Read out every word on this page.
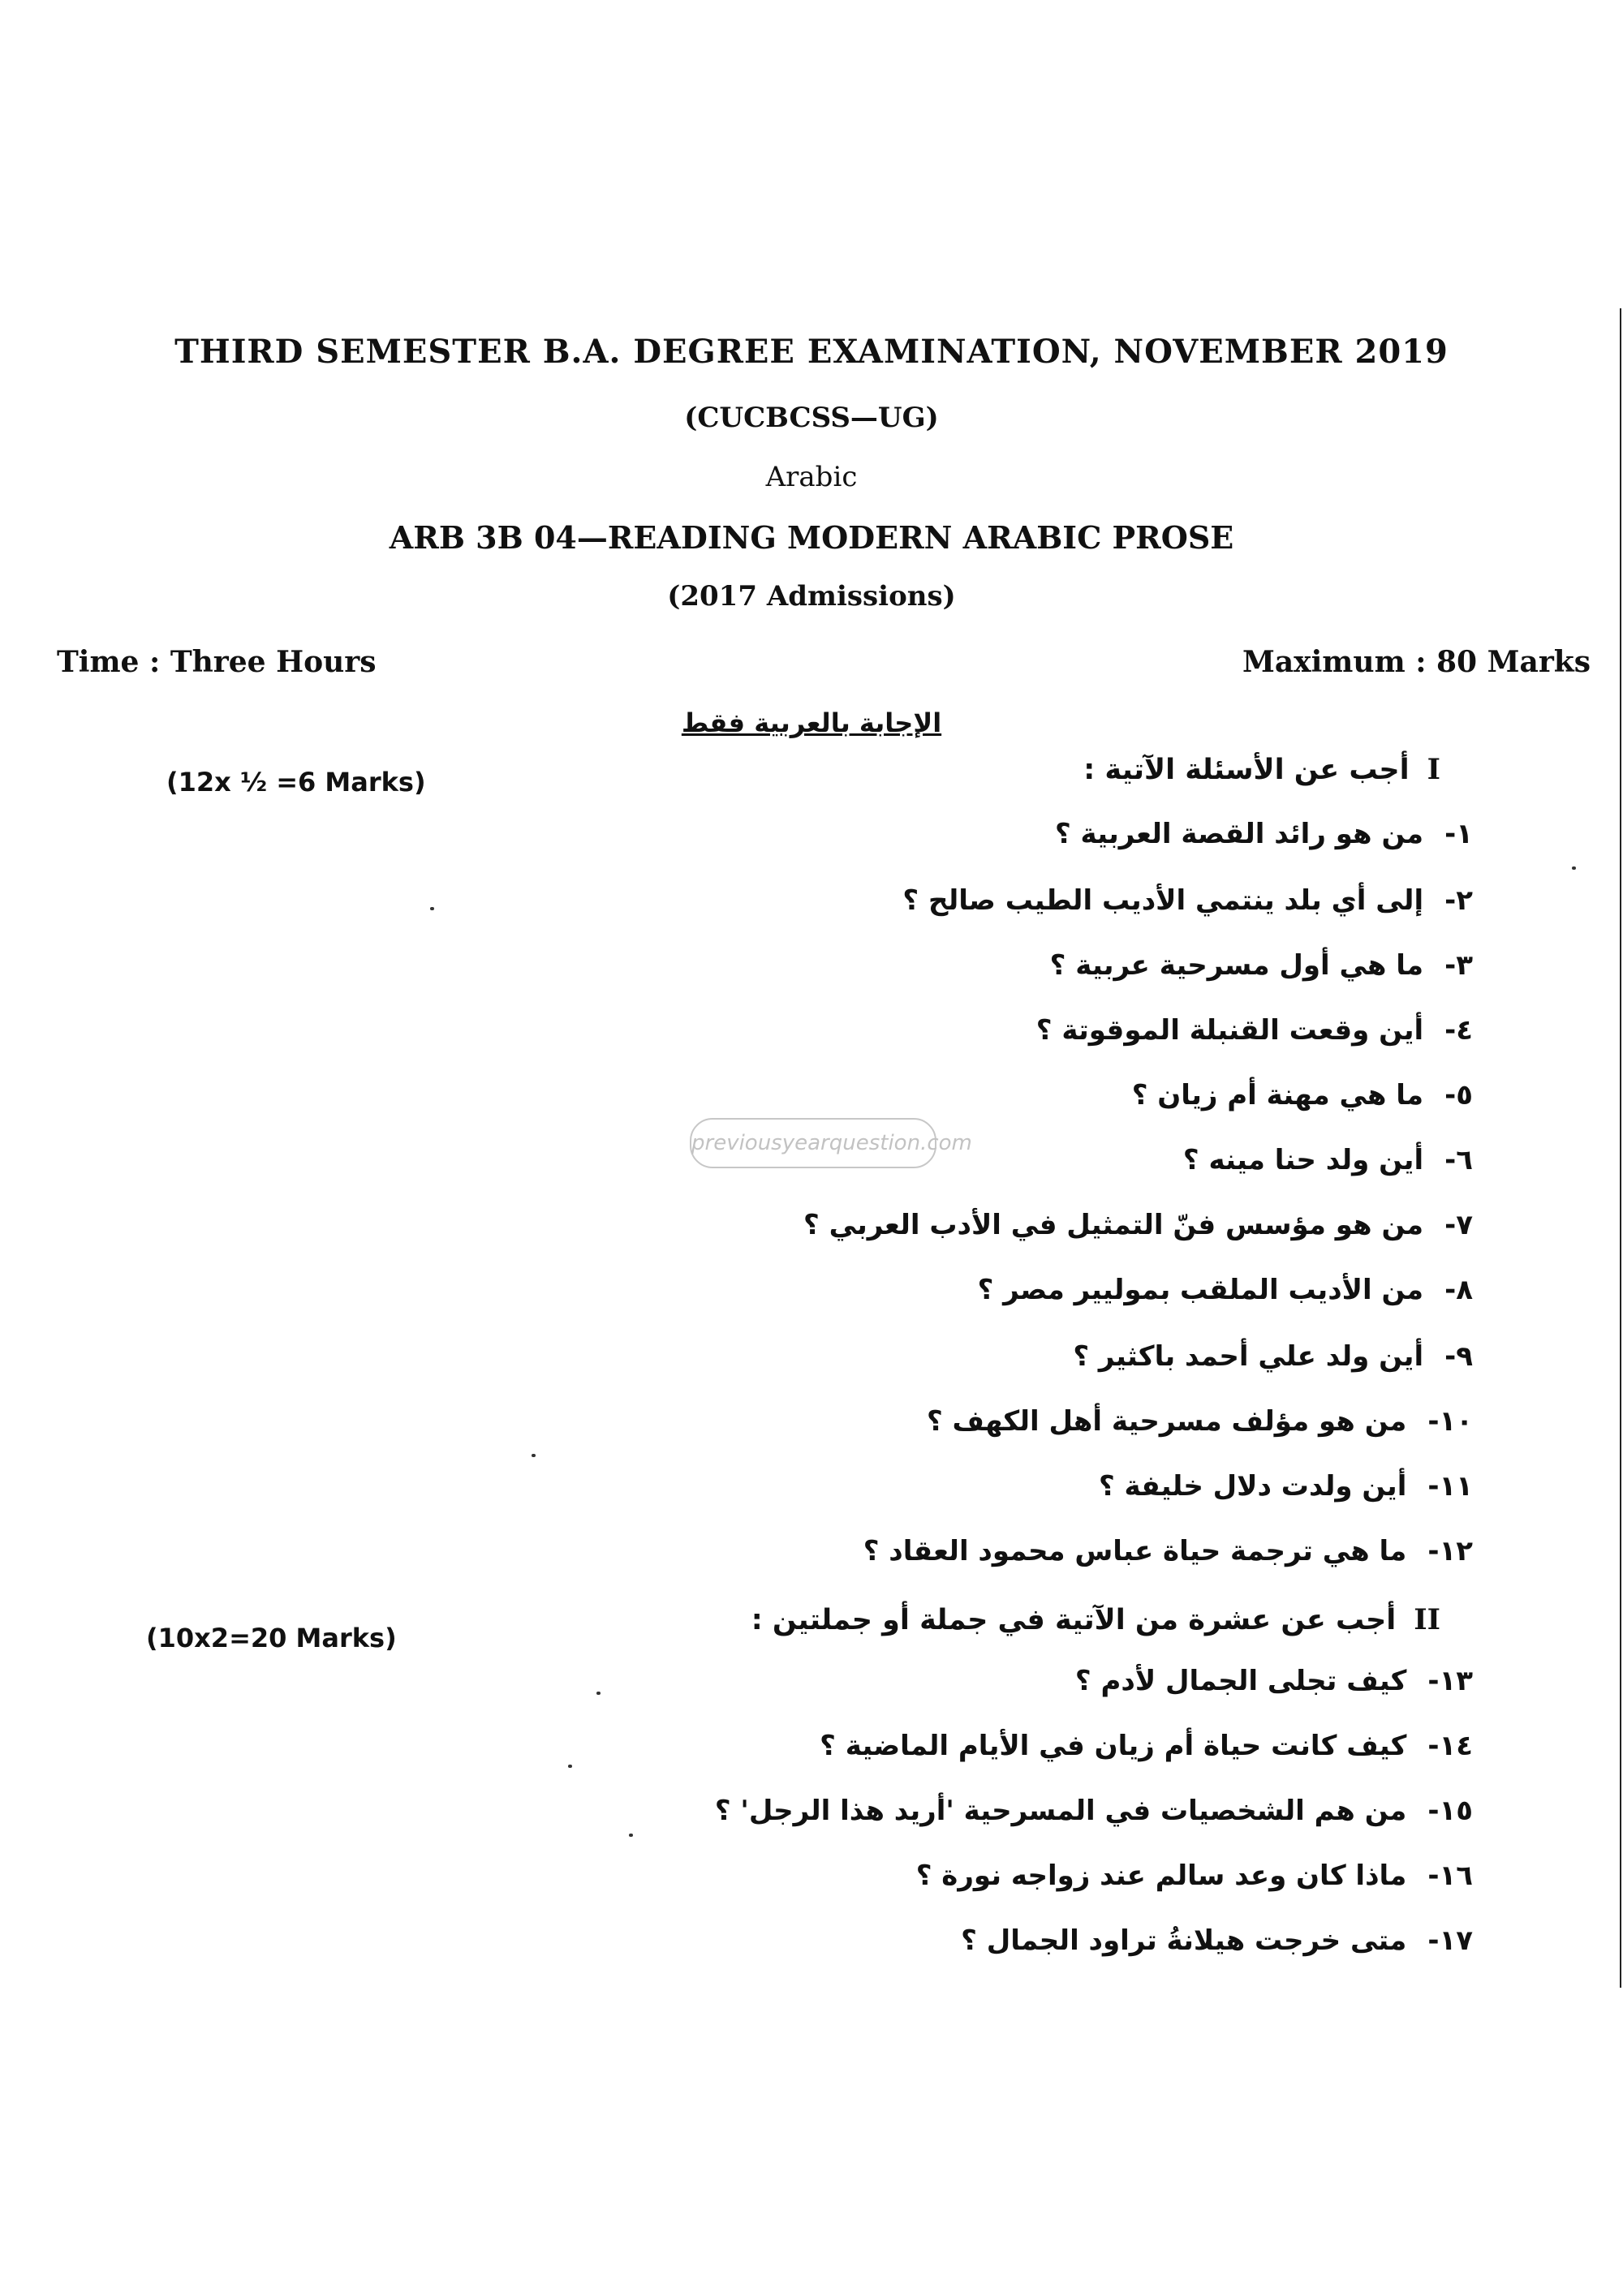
THIRD SEMESTER B.A. DEGREE EXAMINATION, NOVEMBER 2019
(CUCBCSS—UG)
Arabic
ARB 3B 04—READING MODERN ARABIC PROSE
(2017 Admissions)
Time : Three Hours	Maximum : 80 Marks
الإجابة بالعربية فقط
(12x ½ =6 Marks)	Iأجب عن الأسئلة الآتية :
١-من هو رائد القصة العربية ؟
٢-إلى أي بلد ينتمي الأديب الطيب صالح ؟
٣-ما هي أول مسرحية عربية ؟
٤-أين وقعت القنبلة الموقوتة ؟
٥-ما هي مهنة أم زيان ؟
٦-أين ولد حنا مينه ؟
٧-من هو مؤسس فنّ التمثيل في الأدب العربي ؟
٨-من الأديب الملقب بموليير مصر ؟
٩-أين ولد علي أحمد باكثير ؟
١٠-من هو مؤلف مسرحية أهل الكهف ؟
١١-أين ولدت دلال خليفة ؟
١٢-ما هي ترجمة حياة عباس محمود العقاد ؟
(10x2=20 Marks)
IIأجب عن عشرة من الآتية في جملة أو جملتين :
١٣-كيف تجلى الجمال لأدم ؟
١٤-كيف كانت حياة أم زيان في الأيام الماضية ؟
١٥-من هم الشخصيات في المسرحية 'أريد هذا الرجل' ؟
١٦-ماذا كان وعد سالم عند زواجه نورة ؟
١٧-متى خرجت هيلانةُ تراود الجمال ؟
previousyearquestion.com
